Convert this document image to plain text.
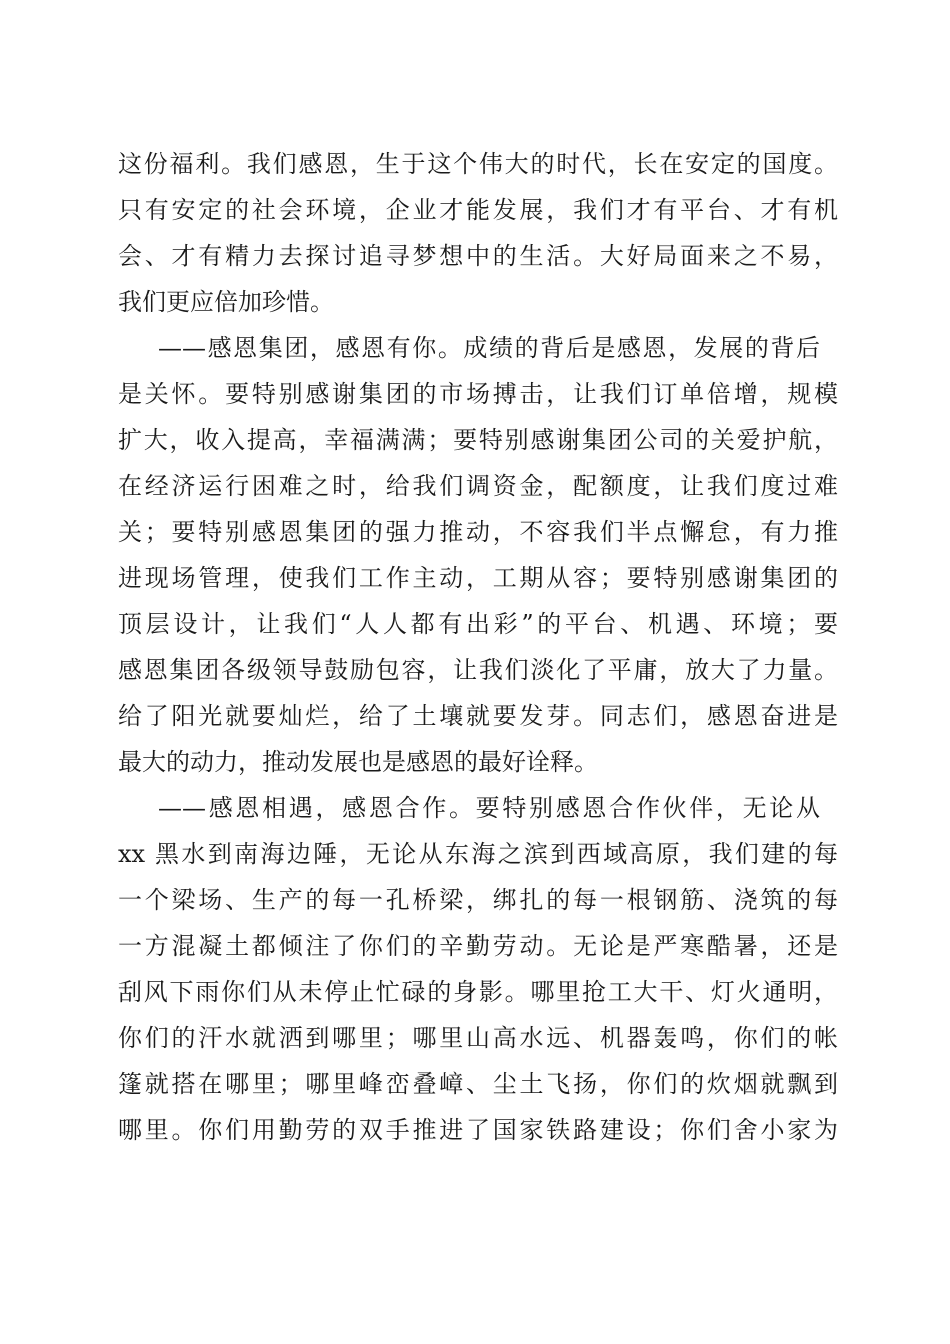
这份福利。我们感恩，生于这个伟大的时代，长在安定的国度。
只有安定的社会环境，企业才能发展，我们才有平台、才有机
会、才有精力去探讨追寻梦想中的生活。大好局面来之不易，
我们更应倍加珍惜。
——感恩集团，感恩有你。成绩的背后是感恩，发展的背后
是关怀。要特别感谢集团的市场搏击，让我们订单倍增，规模
扩大，收入提高，幸福满满；要特别感谢集团公司的关爱护航，
在经济运行困难之时，给我们调资金，配额度，让我们度过难
关；要特别感恩集团的强力推动，不容我们半点懈怠，有力推
进现场管理，使我们工作主动，工期从容；要特别感谢集团的
顶层设计，让我们“人人都有出彩”的平台、机遇、环境；要
感恩集团各级领导鼓励包容，让我们淡化了平庸，放大了力量。
给了阳光就要灿烂，给了土壤就要发芽。同志们，感恩奋进是
最大的动力，推动发展也是感恩的最好诠释。
——感恩相遇，感恩合作。要特别感恩合作伙伴，无论从
xx 黑水到南海边陲，无论从东海之滨到西域高原，我们建的每
一个梁场、生产的每一孔桥梁，绑扎的每一根钢筋、浇筑的每
一方混凝土都倾注了你们的辛勤劳动。无论是严寒酷暑，还是
刮风下雨你们从未停止忙碌的身影。哪里抢工大干、灯火通明，
你们的汗水就洒到哪里；哪里山高水远、机器轰鸣，你们的帐
篷就搭在哪里；哪里峰峦叠嶂、尘土飞扬，你们的炊烟就飘到
哪里。你们用勤劳的双手推进了国家铁路建设；你们舍小家为
